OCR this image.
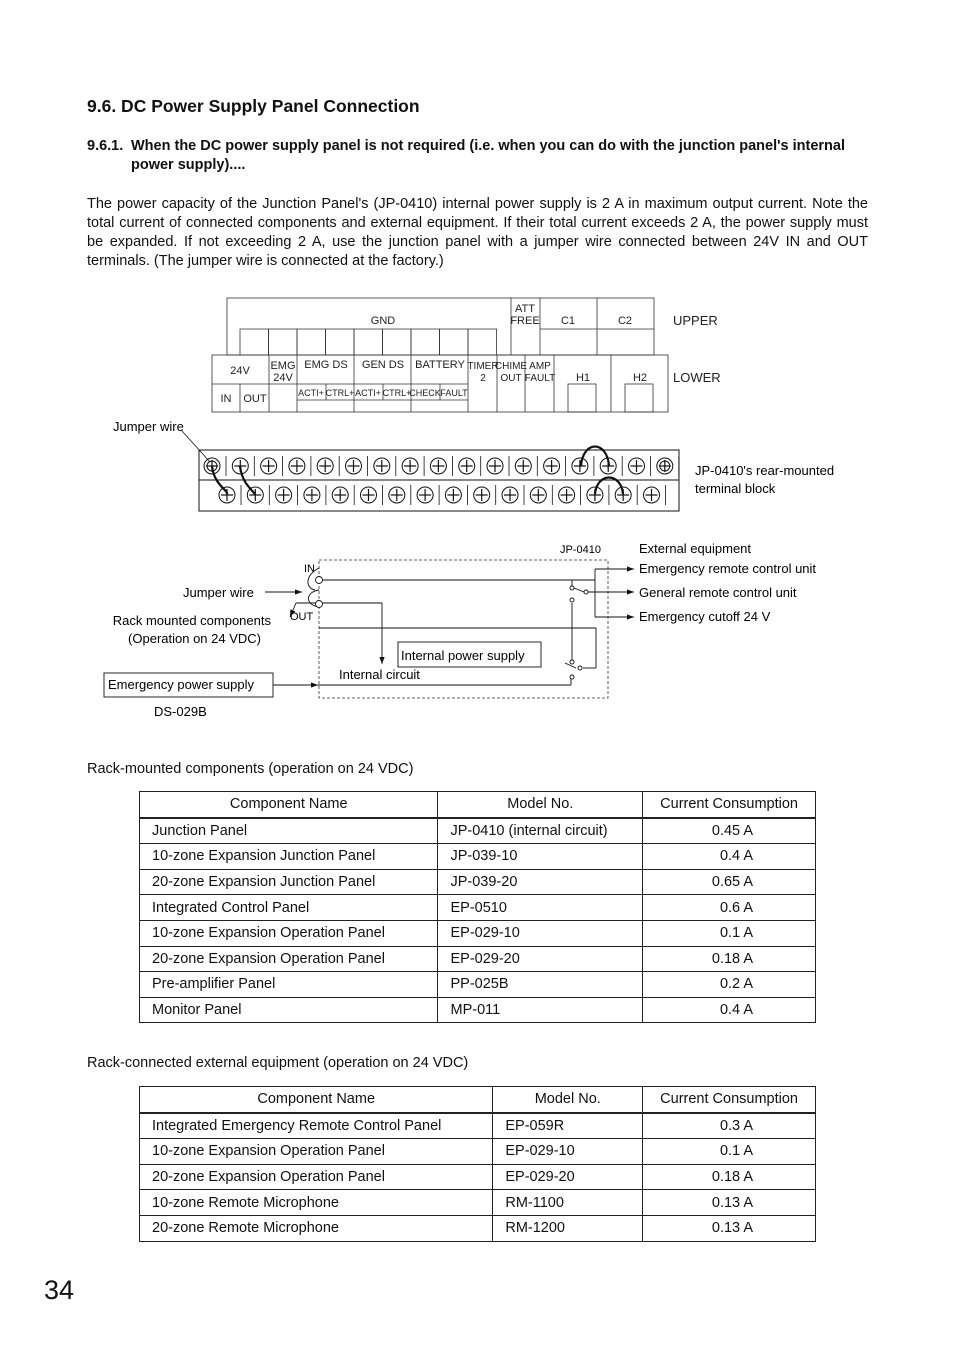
9.6. DC Power Supply Panel Connection
9.6.1. When the DC power supply panel is not required (i.e. when you can do with the junction panel's internal power supply)....
The power capacity of the Junction Panel's (JP-0410) internal power supply is 2 A in maximum output current. Note the total current of connected components and external equipment. If their total current exceeds 2 A, the power supply must be expanded. If not exceeding 2 A, use the junction panel with a jumper wire connected between 24V IN and OUT terminals. (The jumper wire is connected at the factory.)
GND
ATT
FREE C1	C2	UPPER
LOWER
24V
IN OUT
EMG
24V
EMG DS GEN DS BATTERY
ACTI+ CTRL+ ACTI+ CTRL+
CHECK FAULT
TIMER
2
CHIME
OUT
AMP
FAULT H1	H2
Jumper wire
JP-0410's rear-mounted
terminal block
JP-0410	External equipment
Emergency remote control unit
General remote control unit
Emergency cutoff 24 V
IN
OUT
Jumper wire
Rack mounted components
(Operation on 24 VDC)
Internal power supply
Internal circuit
Emergency power supply
DS-029B
Rack-mounted components (operation on 24 VDC)
Component Name	Model No.	Current Consumption
Junction Panel	JP-0410 (internal circuit)	0.45 A
10-zone Expansion Junction Panel	JP-039-10	0.4 A
20-zone Expansion Junction Panel	JP-039-20	0.65 A
Integrated Control Panel	EP-0510	0.6 A
10-zone Expansion Operation Panel	EP-029-10	0.1 A
20-zone Expansion Operation Panel	EP-029-20	0.18 A
Pre-amplifier Panel	PP-025B	0.2 A
Monitor Panel	MP-011	0.4 A
Rack-connected external equipment (operation on 24 VDC)
Component Name	Model No.	Current Consumption
Integrated Emergency Remote Control Panel	EP-059R	0.3 A
10-zone Expansion Operation Panel	EP-029-10	0.1 A
20-zone Expansion Operation Panel	EP-029-20	0.18 A
10-zone Remote Microphone	RM-1100	0.13 A
20-zone Remote Microphone	RM-1200	0.13 A
34
